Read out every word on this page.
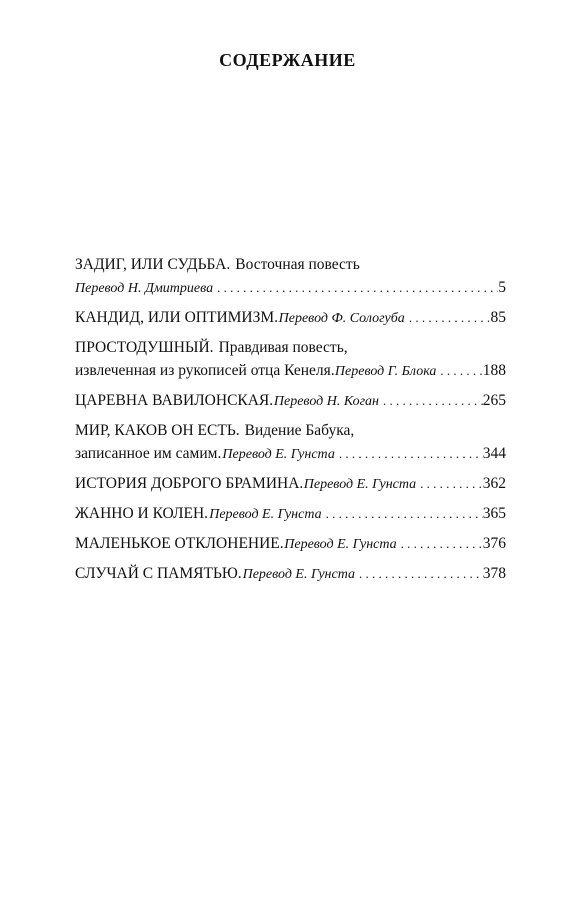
СОДЕРЖАНИЕ
ЗАДИГ, ИЛИ СУДЬБА. Восточная повесть
Перевод Н. Дмитриева . . .	5
КАНДИД, ИЛИ ОПТИМИЗМ. Перевод Ф. Сологуба . . .	85
ПРОСТОДУШНЫЙ. Правдивая повесть,
извлеченная из рукописей отца Кенеля. Перевод Г. Блока . . .	188
ЦАРЕВНА ВАВИЛОНСКАЯ. Перевод Н. Коган . . .	265
МИР, КАКОВ ОН ЕСТЬ. Видение Бабука,
записанное им самим. Перевод Е. Гунста . . .	344
ИСТОРИЯ ДОБРОГО БРАМИНА. Перевод Е. Гунста . . .	362
ЖАННО И КОЛЕН. Перевод Е. Гунста . . .	365
МАЛЕНЬКОЕ ОТКЛОНЕНИЕ. Перевод Е. Гунста . . .	376
СЛУЧАЙ С ПАМЯТЬЮ. Перевод Е. Гунста . . .	378
